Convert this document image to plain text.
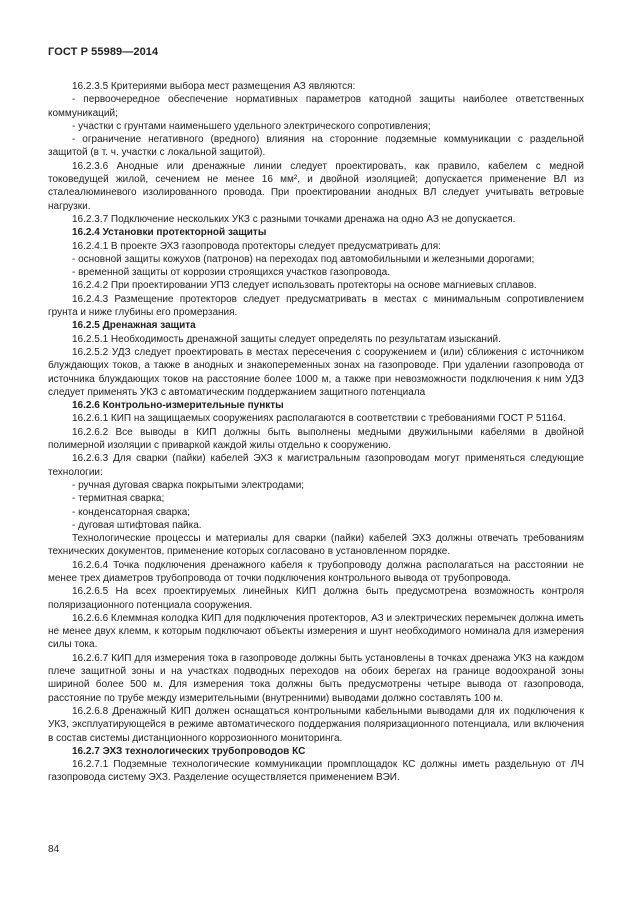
ГОСТ Р 55989—2014

16.2.3.5 Критериями выбора мест размещения АЗ являются:

- первоочередное обеспечение нормативных параметров катодной защиты наиболее ответственных коммуникаций;

- участки с грунтами наименьшего удельного электрического сопротивления;

- ограничение негативного (вредного) влияния на сторонние подземные коммуникации с раздельной защитой (в т. ч. участки с локальной защитой).

16.2.3.6 Анодные или дренажные линии следует проектировать, как правило, кабелем с медной токоведущей жилой, сечением не менее 16 мм², и двойной изоляцией; допускается применение ВЛ из сталеалюминевого изолированного провода. При проектировании анодных ВЛ следует учитывать ветровые нагрузки.

16.2.3.7 Подключение нескольких УКЗ с разными точками дренажа на одно АЗ не допускается.

16.2.4 Установки протекторной защиты

16.2.4.1 В проекте ЭХЗ газопровода протекторы следует предусматривать для:

- основной защиты кожухов (патронов) на переходах под автомобильными и железными дорогами;

- временной защиты от коррозии строящихся участков газопровода.

16.2.4.2 При проектировании УПЗ следует использовать протекторы на основе магниевых сплавов.

16.2.4.3 Размещение протекторов следует предусматривать в местах с минимальным сопротивлением грунта и ниже глубины его промерзания.

16.2.5 Дренажная защита

16.2.5.1 Необходимость дренажной защиты следует определять по результатам изысканий.

16.2.5.2 УДЗ следует проектировать в местах пересечения с сооружением и (или) сближения с источником блуждающих токов, а также в анодных и знакопеременных зонах на газопроводе. При удалении газопровода от источника блуждающих токов на расстояние более 1000 м, а также при невозможности подключения к ним УДЗ следует применять УКЗ с автоматическим поддержанием защитного потенциала

16.2.6 Контрольно-измерительные пункты

16.2.6.1 КИП на защищаемых сооружениях располагаются в соответствии с требованиями ГОСТ Р 51164.

16.2.6.2 Все выводы в КИП должны быть выполнены медными двужильными кабелями в двойной полимерной изоляции с приваркой каждой жилы отдельно к сооружению.

16.2.6.3 Для сварки (пайки) кабелей ЭХЗ к магистральным газопроводам могут применяться следующие технологии:

- ручная дуговая сварка покрытыми электродами;

- термитная сварка;

- конденсаторная сварка;

- дуговая штифтовая пайка.

Технологические процессы и материалы для сварки (пайки) кабелей ЭХЗ должны отвечать требованиям технических документов, применение которых согласовано в установленном порядке.

16.2.6.4 Точка подключения дренажного кабеля к трубопроводу должна располагаться на расстоянии не менее трех диаметров трубопровода от точки подключения контрольного вывода от трубопровода.

16.2.6.5 На всех проектируемых линейных КИП должна быть предусмотрена возможность контроля поляризационного потенциала сооружения.

16.2.6.6 Клеммная колодка КИП для подключения протекторов, АЗ и электрических перемычек должна иметь не менее двух клемм, к которым подключают объекты измерения и шунт необходимого номинала для измерения силы тока.

16.2.6.7 КИП для измерения тока в газопроводе должны быть установлены в точках дренажа УКЗ на каждом плече защитной зоны и на участках подводных переходов на обоих берегах на границе водоохраной зоны шириной более 500 м. Для измерения тока должны быть предусмотрены четыре вывода от газопровода, расстояние по трубе между измерительными (внутренними) выводами должно составлять 100 м.

16.2.6.8 Дренажный КИП должен оснащаться контрольными кабельными выводами для их подключения к УКЗ, эксплуатирующейся в режиме автоматического поддержания поляризационного потенциала, или включения в состав системы дистанционного коррозионного мониторинга.

16.2.7 ЭХЗ технологических трубопроводов КС

16.2.7.1 Подземные технологические коммуникации промплощадок КС должны иметь раздельную от ЛЧ газопровода систему ЭХЗ. Разделение осуществляется применением ВЭИ.

84
